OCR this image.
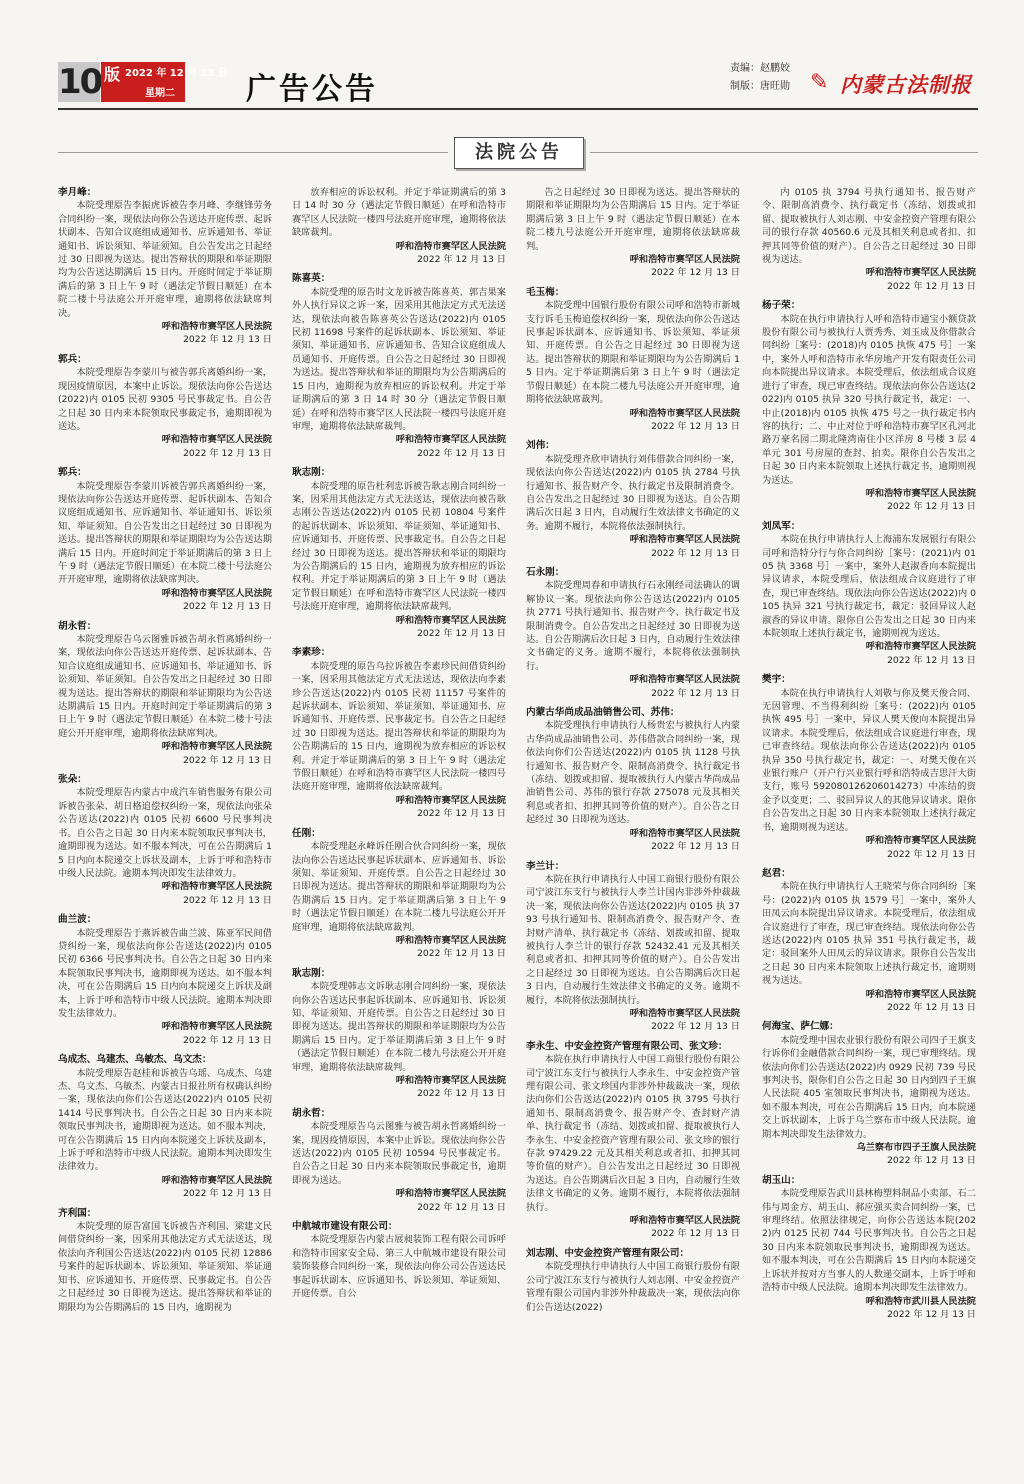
10 版 2022 年 12 月 13 日
星期二 广告公告
责编：赵鹏姣
制版：唐旺勋 ✎ 内蒙古法制报
法院公告

李月峰：

本院受理原告李振虎诉被告李月峰、李继锋劳务合同纠纷一案，现依法向你公告送达开庭传票、起诉状副本、告知合议庭组成通知书、应诉通知书、举证通知书、诉讼须知、举证须知。自公告发出之日起经过 30 日即视为送达。提出答辩状的期限和举证期限均为公告送达期满后 15 日内。开庭时间定于举证期满后的第 3 日上午 9 时（遇法定节假日顺延）在本院二楼十号法庭公开开庭审理，逾期将依法缺席判决。

呼和浩特市赛罕区人民法院

2022 年 12 月 13 日

郭兵：

本院受理原告李蒙川与被告郭兵离婚纠纷一案，现因疫情原因，本案中止诉讼。现依法向你公告送达(2022)内 0105 民初 9305 号民事裁定书。自公告之日起 30 日内来本院领取民事裁定书，逾期即视为送达。

呼和浩特市赛罕区人民法院

2022 年 12 月 13 日

郭兵：

本院受理原告李蒙川诉被告郭兵离婚纠纷一案，现依法向你公告送达开庭传票、起诉状副本、告知合议庭组成通知书、应诉通知书、举证通知书、诉讼须知、举证须知。自公告发出之日起经过 30 日即视为送达。提出答辩状的期限和举证期限均为公告送达期满后 15 日内。开庭时间定于举证期满后的第 3 日上午 9 时（遇法定节假日顺延）在本院二楼十号法庭公开开庭审理，逾期将依法缺席判决。

呼和浩特市赛罕区人民法院

2022 年 12 月 13 日

胡永哲：

本院受理原告乌云图雅诉被告胡永哲离婚纠纷一案，现依法向你公告送达开庭传票、起诉状副本、告知合议庭组成通知书、应诉通知书、举证通知书、诉讼须知、举证须知。自公告发出之日起经过 30 日即视为送达。提出答辩状的期限和举证期限均为公告送达期满后 15 日内。开庭时间定于举证期满后的第 3 日上午 9 时（遇法定节假日顺延）在本院二楼十号法庭公开开庭审理，逾期将依法缺席判决。

呼和浩特市赛罕区人民法院

2022 年 12 月 13 日

张朵：

本院受理原告内蒙古中成汽车销售服务有限公司诉被告张朵、胡日格追偿权纠纷一案，现依法向张朵公告送达(2022)内 0105 民初 6600 号民事判决书。自公告之日起 30 日内来本院领取民事判决书，逾期即视为送达。如不服本判决，可在公告期满后 15 日内向本院递交上诉状及副本，上诉于呼和浩特市中级人民法院。逾期本判决即发生法律效力。

呼和浩特市赛罕区人民法院

2022 年 12 月 13 日

曲兰波：

本院受理原告于燕诉被告曲兰波、陈亚军民间借贷纠纷一案，现依法向你公告送达(2022)内 0105 民初 6366 号民事判决书。自公告之日起 30 日内来本院领取民事判决书，逾期即视为送达。如不服本判决，可在公告期满后 15 日内向本院递交上诉状及副本，上诉于呼和浩特市中级人民法院。逾期本判决即发生法律效力。

呼和浩特市赛罕区人民法院

2022 年 12 月 13 日

乌成杰、乌建杰、乌敏杰、乌文杰：

本院受理原告赵桂和诉被告乌瑶、乌成杰、乌建杰、乌文杰、乌敏杰、内蒙古日报社所有权确认纠纷一案，现依法向你们公告送达(2022)内 0105 民初 1414 号民事判决书。自公告之日起 30 日内来本院领取民事判决书，逾期即视为送达。如不服本判决，可在公告期满后 15 日内向本院递交上诉状及副本，上诉于呼和浩特市中级人民法院。逾期本判决即发生法律效力。

呼和浩特市赛罕区人民法院

2022 年 12 月 13 日

齐利国：

本院受理的原告富国飞诉被告齐利国、梁建文民间借贷纠纷一案，因采用其他法定方式无法送达，现依法向齐利国公告送达(2022)内 0105 民初 12886 号案件的起诉状副本、诉讼须知、举证须知、举证通知书、应诉通知书、开庭传票、民事裁定书。自公告之日起经过 30 日即视为送达。提出答辩状和举证的期限均为公告期满后的 15 日内，逾期视为

放弃相应的诉讼权利。并定于举证期满后的第 3 日 14 时 30 分（遇法定节假日顺延）在呼和浩特市赛罕区人民法院一楼四号法庭开庭审理，逾期将依法缺席裁判。

呼和浩特市赛罕区人民法院

2022 年 12 月 13 日

陈喜英：

本院受理的原告时文龙诉被告陈喜英、郭吉果案外人执行异议之诉一案，因采用其他法定方式无法送达，现依法向被告陈喜英公告送达(2022)内 0105 民初 11698 号案件的起诉状副本、诉讼须知、举证须知、举证通知书、应诉通知书、告知合议庭组成人员通知书、开庭传票。自公告之日起经过 30 日即视为送达。提出答辩状和举证的期限均为公告期满后的 15 日内，逾期视为放弃相应的诉讼权利。并定于举证期满后的第 3 日 14 时 30 分（遇法定节假日顺延）在呼和浩特市赛罕区人民法院一楼四号法庭开庭审理，逾期将依法缺席裁判。

呼和浩特市赛罕区人民法院

2022 年 12 月 13 日

耿志刚：

本院受理的原告杜利忠诉被告耿志刚合同纠纷一案，因采用其他法定方式无法送达，现依法向被告耿志刚公告送达(2022)内 0105 民初 10804 号案件的起诉状副本、诉讼须知、举证须知、举证通知书、应诉通知书、开庭传票、民事裁定书。自公告之日起经过 30 日即视为送达。提出答辩状和举证的期限均为公告期满后的 15 日内，逾期视为放弃相应的诉讼权利。并定于举证期满后的第 3 日上午 9 时（遇法定节假日顺延）在呼和浩特市赛罕区人民法院一楼四号法庭开庭审理，逾期将依法缺席裁判。

呼和浩特市赛罕区人民法院

2022 年 12 月 13 日

李素珍：

本院受理的原告乌拉诉被告李素珍民间借贷纠纷一案，因采用其他法定方式无法送达，现依法向李素珍公告送达(2022)内 0105 民初 11157 号案件的起诉状副本、诉讼须知、举证须知、举证通知书、应诉通知书、开庭传票、民事裁定书。自公告之日起经过 30 日即视为送达。提出答辩状和举证的期限均为公告期满后的 15 日内，逾期视为放弃相应的诉讼权利。并定于举证期满后的第 3 日上午 9 时（遇法定节假日顺延）在呼和浩特市赛罕区人民法院一楼四号法庭开庭审理，逾期将依法缺席裁判。

呼和浩特市赛罕区人民法院

2022 年 12 月 13 日

任刚：

本院受理赵永峰诉任刚合伙合同纠纷一案，现依法向你公告送达民事起诉状副本、应诉通知书、诉讼须知、举证须知、开庭传票。自公告之日起经过 30 日即视为送达。提出答辩状的期限和举证期限均为公告期满后 15 日内。定于举证期满后第 3 日上午 9 时（遇法定节假日顺延）在本院二楼九号法庭公开开庭审理，逾期将依法缺席裁判。

呼和浩特市赛罕区人民法院

2022 年 12 月 13 日

耿志刚：

本院受理韩志文诉耿志刚合同纠纷一案，现依法向你公告送达民事起诉状副本、应诉通知书、诉讼须知、举证须知、开庭传票。自公告之日起经过 30 日即视为送达。提出答辩状的期限和举证期限均为公告期满后 15 日内。定于举证期满后第 3 日上午 9 时（遇法定节假日顺延）在本院二楼九号法庭公开开庭审理，逾期将依法缺席裁判。

呼和浩特市赛罕区人民法院

2022 年 12 月 13 日

胡永哲：

本院受理原告乌云图雅与被告胡永哲离婚纠纷一案，现因疫情原因，本案中止诉讼。现依法向你公告送达(2022)内 0105 民初 10594 号民事裁定书。自公告之日起 30 日内来本院领取民事裁定书，逾期即视为送达。

呼和浩特市赛罕区人民法院

2022 年 12 月 13 日

中航城市建设有限公司：

本院受理原告内蒙古展昶装饰工程有限公司诉呼和浩特市国家安全局、第三人中航城市建设有限公司装饰装修合同纠纷一案，现依法向你公司公告送达民事起诉状副本、应诉通知书、诉讼须知、举证须知、开庭传票。自公

告之日起经过 30 日即视为送达。提出答辩状的期限和举证期限均为公告期满后 15 日内。定于举证期满后第 3 日上午 9 时（遇法定节假日顺延）在本院二楼九号法庭公开开庭审理，逾期将依法缺席裁判。

呼和浩特市赛罕区人民法院

2022 年 12 月 13 日

毛玉梅：

本院受理中国银行股份有限公司呼和浩特市新城支行诉毛玉梅追偿权纠纷一案，现依法向你公告送达民事起诉状副本、应诉通知书、诉讼须知、举证须知、开庭传票。自公告之日起经过 30 日即视为送达。提出答辩状的期限和举证期限均为公告期满后 15 日内。定于举证期满后第 3 日上午 9 时（遇法定节假日顺延）在本院二楼九号法庭公开开庭审理，逾期将依法缺席裁判。

呼和浩特市赛罕区人民法院

2022 年 12 月 13 日

刘伟：

本院受理齐欣申请执行刘伟借款合同纠纷一案，现依法向你公告送达(2022)内 0105 执 2784 号执行通知书、报告财产令、执行裁定书及限制消费令。自公告发出之日起经过 30 日即视为送达。自公告期满后次日起 3 日内，自动履行生效法律文书确定的义务。逾期不履行，本院将依法强制执行。

呼和浩特市赛罕区人民法院

2022 年 12 月 13 日

石永刚：

本院受理周春和申请执行石永刚经司法确认的调解协议一案。现依法向你公告送达(2022)内 0105 执 2771 号执行通知书、报告财产令、执行裁定书及限制消费令。自公告发出之日起经过 30 日即视为送达。自公告期满后次日起 3 日内，自动履行生效法律文书确定的义务。逾期不履行，本院将依法强制执行。

呼和浩特市赛罕区人民法院

2022 年 12 月 13 日

内蒙古华尚成品油销售公司、苏伟：

本院受理执行申请执行人杨贵宏与被执行人内蒙古华尚成品油销售公司、苏伟借款合同纠纷一案，现依法向你们公告送达(2022)内 0105 执 1128 号执行通知书、报告财产令、限制高消费令、执行裁定书（冻结、划拨或扣留、提取被执行人内蒙古华尚成品油销售公司、苏伟的银行存款 275078 元及其相关利息或者扣、扣押其同等价值的财产）。自公告之日起经过 30 日即视为送达。

呼和浩特市赛罕区人民法院

2022 年 12 月 13 日

李兰计：

本院在执行申请执行人中国工商银行股份有限公司宁波江东支行与被执行人李兰计国内非涉外仲裁裁决一案，现依法向你公告送达(2022)内 0105 执 3793 号执行通知书、限制高消费令、报告财产令、查封财产清单、执行裁定书（冻结、划拨或扣留、提取被执行人李兰计的银行存款 52432.41 元及其相关利息或者扣、扣押其同等价值的财产）。自公告发出之日起经过 30 日即视为送达。自公告期满后次日起 3 日内，自动履行生效法律文书确定的义务。逾期不履行，本院将依法强制执行。

呼和浩特市赛罕区人民法院

2022 年 12 月 13 日

李永生、中安金控资产管理有限公司、张文珍：

本院在执行申请执行人中国工商银行股份有限公司宁波江东支行与被执行人李永生、中安金控资产管理有限公司、张文珍国内非涉外仲裁裁决一案，现依法向你们公告送达(2022)内 0105 执 3795 号执行通知书、限制高消费令、报告财产令、查封财产清单、执行裁定书（冻结、划拨或扣留、提取被执行人李永生、中安金控资产管理有限公司、张文珍的银行存款 97429.22 元及其相关利息或者扣、扣押其同等价值的财产）。自公告发出之日起经过 30 日即视为送达。自公告期满后次日起 3 日内，自动履行生效法律文书确定的义务。逾期不履行，本院将依法强制执行。

呼和浩特市赛罕区人民法院

2022 年 12 月 13 日

刘志刚、中安金控资产管理有限公司：

本院受理执行申请执行人中国工商银行股份有限公司宁波江东支行与被执行人刘志刚、中安金控资产管理有限公司国内非涉外仲裁裁决一案，现依法向你们公告送达(2022)

内 0105 执 3794 号执行通知书、报告财产令、限制高消费令、执行裁定书（冻结、划拨或扣留、提取被执行人刘志刚、中安金控资产管理有限公司的银行存款 40560.6 元及其相关利息或者扣、扣押其同等价值的财产）。自公告之日起经过 30 日即视为送达。

呼和浩特市赛罕区人民法院

2022 年 12 月 13 日

杨子荣：

本院在执行申请执行人呼和浩特市通宝小额贷款股份有限公司与被执行人贾秀秀、刘玉成及你借款合同纠纷［案号：(2018)内 0105 执恢 475 号］一案中，案外人呼和浩特市永华房地产开发有限责任公司向本院提出异议请求。本院受理后，依法组成合议庭进行了审查，现已审查终结。现依法向你公告送达(2022)内 0105 执异 320 号执行裁定书，裁定：一、中止(2018)内 0105 执恢 475 号之一执行裁定书内容的执行；二、中止对位于呼和浩特市赛罕区孔河北路万豪名园二期北隆湾南住小区洋房 8 号楼 3 层 4 单元 301 号房屋的查封、拍卖。限你自公告发出之日起 30 日内来本院领取上述执行裁定书，逾期则视为送达。

呼和浩特市赛罕区人民法院

2022 年 12 月 13 日

刘凤军：

本院在执行申请执行人上海浦东发展银行有限公司呼和浩特分行与你合同纠纷［案号：(2021)内 0105 执 3368 号］一案中，案外人赵淑香向本院提出异议请求，本院受理后，依法组成合议庭进行了审查，现已审查终结。现依法向你公告送达(2022)内 0105 执异 321 号执行裁定书，裁定：驳回异议人赵淑香的异议申请。限你自公告发出之日起 30 日内来本院领取上述执行裁定书，逾期则视为送达。

呼和浩特市赛罕区人民法院

2022 年 12 月 13 日

樊宇：

本院在执行申请执行人刘敬与你及樊天俊合同、无因管理、不当得利纠纷［案号：(2022)内 0105 执恢 495 号］一案中，异议人樊天俊向本院提出异议请求。本院受理后，依法组成合议庭进行审查，现已审查终结。现依法向你公告送达(2022)内 0105 执异 350 号执行裁定书，裁定：一、对樊天俊在兴业银行账户（开户行兴业银行呼和浩特成吉思汗大街支行，账号 592080126206014273）中冻结的资金予以变更；二、驳回异议人的其他异议请求。限你自公告发出之日起 30 日内来本院领取上述执行裁定书，逾期则视为送达。

呼和浩特市赛罕区人民法院

2022 年 12 月 13 日

赵君：

本院在执行申请执行人王晓荣与你合同纠纷［案号：(2022)内 0105 执 1579 号］一案中，案外人田凤云向本院提出异议请求。本院受理后，依法组成合议庭进行了审查，现已审查终结。现依法向你公告送达(2022)内 0105 执异 351 号执行裁定书，裁定：驳回案外人田凤云的异议请求。限你自公告发出之日起 30 日内来本院领取上述执行裁定书，逾期则视为送达。

呼和浩特市赛罕区人民法院

2022 年 12 月 13 日

何海宝、萨仁娜：

本院受理中国农业银行股份有限公司四子王旗支行诉你们金融借款合同纠纷一案，现已审理终结。现依法向你们公告送达(2022)内 0929 民初 739 号民事判决书，限你们自公告之日起 30 日内到四子王旗人民法院 405 室领取民事判决书，逾期视为送达。如不服本判决，可在公告期满后 15 日内，向本院递交上诉状副本，上诉于乌兰察布市中级人民法院。逾期本判决即发生法律效力。

乌兰察布市四子王旗人民法院

2022 年 12 月 13 日

胡玉山：

本院受理原告武川县林梅塑料制品小卖部、石二伟与周金方、胡玉山、郝应强买卖合同纠纷一案，已审理终结。依照法律规定，向你公告送达本院(2022)内 0125 民初 744 号民事判决书。自公告之日起 30 日内来本院领取民事判决书，逾期即视为送达。如不服本判决，可在公告期满后 15 日内向本院递交上诉状并按对方当事人的人数递交副本，上诉于呼和浩特市中级人民法院。逾期本判决即发生法律效力。

呼和浩特市武川县人民法院

2022 年 12 月 13 日
